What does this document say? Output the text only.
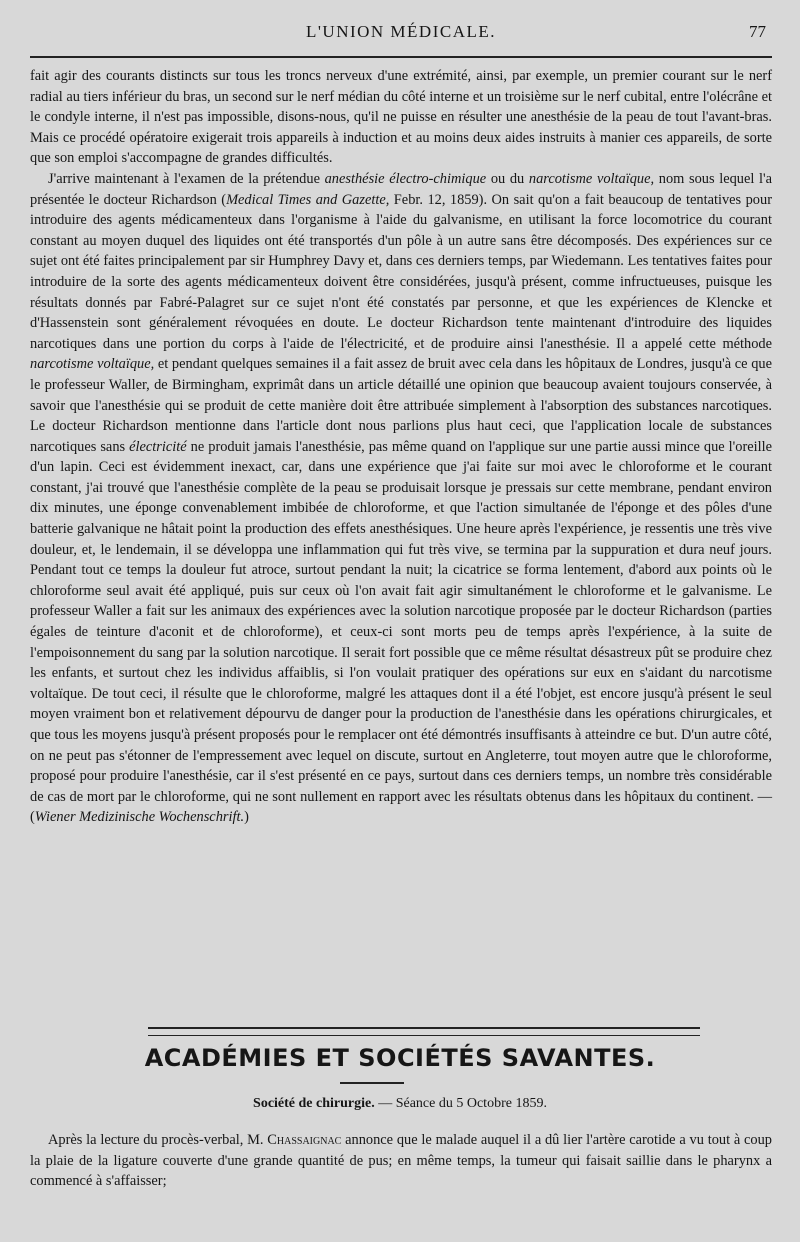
L'UNION MÉDICALE.	77

fait agir des courants distincts sur tous les troncs nerveux d'une extrémité, ainsi, par exemple, un premier courant sur le nerf radial au tiers inférieur du bras, un second sur le nerf médian du côté interne et un troisième sur le nerf cubital, entre l'olécrâne et le condyle interne, il n'est pas impossible, disons-nous, qu'il ne puisse en résulter une anesthésie de la peau de tout l'avant-bras. Mais ce procédé opératoire exigerait trois appareils à induction et au moins deux aides instruits à manier ces appareils, de sorte que son emploi s'accompagne de grandes difficultés.

J'arrive maintenant à l'examen de la prétendue anesthésie électro-chimique ou du narcotisme voltaïque, nom sous lequel l'a présentée le docteur Richardson (Medical Times and Gazette, Febr. 12, 1859). On sait qu'on a fait beaucoup de tentatives pour introduire des agents médicamenteux dans l'organisme à l'aide du galvanisme, en utilisant la force locomotrice du courant constant au moyen duquel des liquides ont été transportés d'un pôle à un autre sans être décomposés. Des expériences sur ce sujet ont été faites principalement par sir Humphrey Davy et, dans ces derniers temps, par Wiedemann. Les tentatives faites pour introduire de la sorte des agents médicamenteux doivent être considérées, jusqu'à présent, comme infructueuses, puisque les résultats donnés par Fabré-Palagret sur ce sujet n'ont été constatés par personne, et que les expériences de Klencke et d'Hassenstein sont généralement révoquées en doute. Le docteur Richardson tente maintenant d'introduire des liquides narcotiques dans une portion du corps à l'aide de l'électricité, et de produire ainsi l'anesthésie. Il a appelé cette méthode narcotisme voltaïque, et pendant quelques semaines il a fait assez de bruit avec cela dans les hôpitaux de Londres, jusqu'à ce que le professeur Waller, de Birmingham, exprimât dans un article détaillé une opinion que beaucoup avaient toujours conservée, à savoir que l'anesthésie qui se produit de cette manière doit être attribuée simplement à l'absorption des substances narcotiques. Le docteur Richardson mentionne dans l'article dont nous parlions plus haut ceci, que l'application locale de substances narcotiques sans électricité ne produit jamais l'anesthésie, pas même quand on l'applique sur une partie aussi mince que l'oreille d'un lapin. Ceci est évidemment inexact, car, dans une expérience que j'ai faite sur moi avec le chloroforme et le courant constant, j'ai trouvé que l'anesthésie complète de la peau se produisait lorsque je pressais sur cette membrane, pendant environ dix minutes, une éponge convenablement imbibée de chloroforme, et que l'action simultanée de l'éponge et des pôles d'une batterie galvanique ne hâtait point la production des effets anesthésiques. Une heure après l'expérience, je ressentis une très vive douleur, et, le lendemain, il se développa une inflammation qui fut très vive, se termina par la suppuration et dura neuf jours. Pendant tout ce temps la douleur fut atroce, surtout pendant la nuit; la cicatrice se forma lentement, d'abord aux points où le chloroforme seul avait été appliqué, puis sur ceux où l'on avait fait agir simultanément le chloroforme et le galvanisme. Le professeur Waller a fait sur les animaux des expériences avec la solution narcotique proposée par le docteur Richardson (parties égales de teinture d'aconit et de chloroforme), et ceux-ci sont morts peu de temps après l'expérience, à la suite de l'empoisonnement du sang par la solution narcotique. Il serait fort possible que ce même résultat désastreux pût se produire chez les enfants, et surtout chez les individus affaiblis, si l'on voulait pratiquer des opérations sur eux en s'aidant du narcotisme voltaïque. De tout ceci, il résulte que le chloroforme, malgré les attaques dont il a été l'objet, est encore jusqu'à présent le seul moyen vraiment bon et relativement dépourvu de danger pour la production de l'anesthésie dans les opérations chirurgicales, et que tous les moyens jusqu'à présent proposés pour le remplacer ont été démontrés insuffisants à atteindre ce but. D'un autre côté, on ne peut pas s'étonner de l'empressement avec lequel on discute, surtout en Angleterre, tout moyen autre que le chloroforme, proposé pour produire l'anesthésie, car il s'est présenté en ce pays, surtout dans ces derniers temps, un nombre très considérable de cas de mort par le chloroforme, qui ne sont nullement en rapport avec les résultats obtenus dans les hôpitaux du continent. — (Wiener Medizinische Wochenschrift.)

ACADÉMIES ET SOCIÉTÉS SAVANTES.
Société de chirurgie. — Séance du 5 Octobre 1859.
Après la lecture du procès-verbal, M. Chassaignac annonce que le malade auquel il a dû lier l'artère carotide a vu tout à coup la plaie de la ligature couverte d'une grande quantité de pus; en même temps, la tumeur qui faisait saillie dans le pharynx a commencé à s'affaisser;
